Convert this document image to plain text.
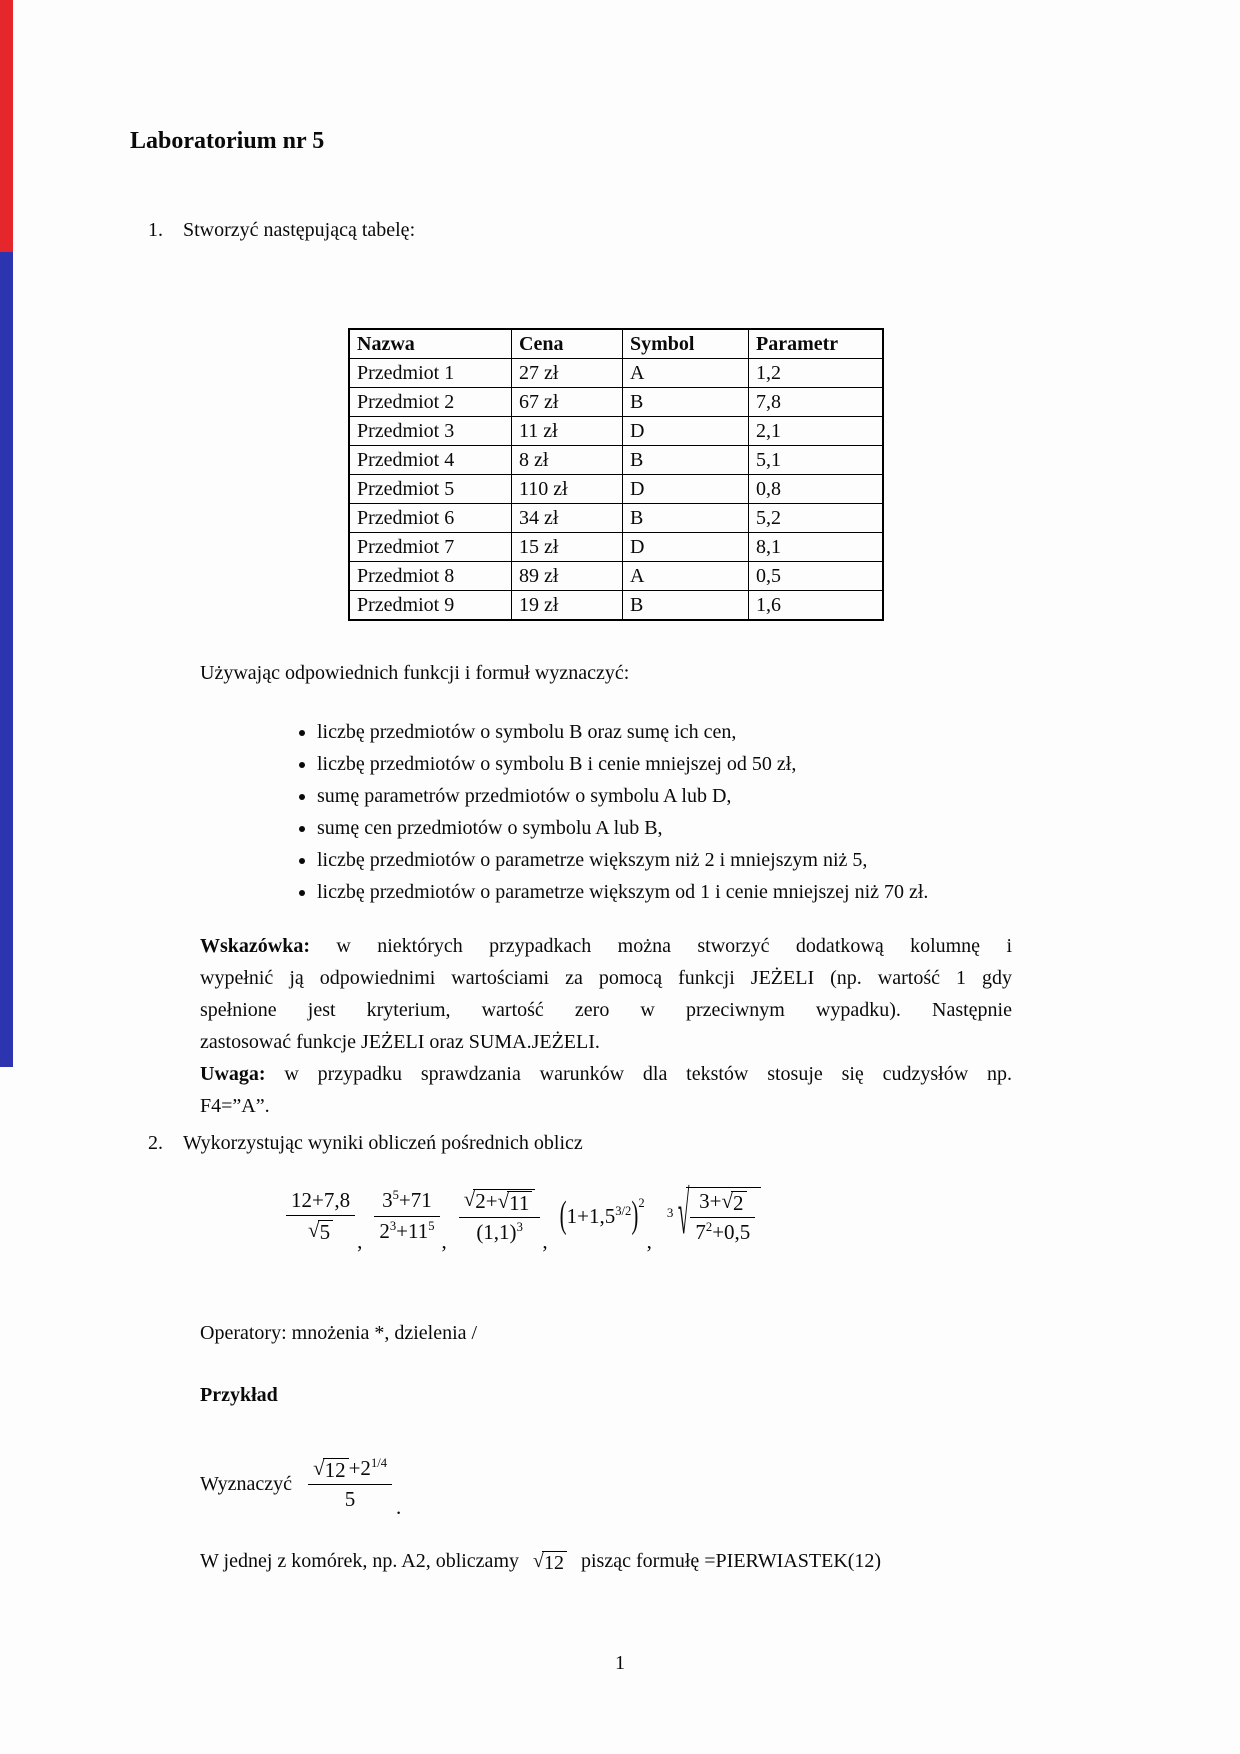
Laboratorium nr 5
1. Stworzyć następującą tabelę:
Nazwa	Cena	Symbol	Parametr
Przedmiot 1	27 zł	A	1,2
Przedmiot 2	67 zł	B	7,8
Przedmiot 3	11 zł	D	2,1
Przedmiot 4	8 zł	B	5,1
Przedmiot 5	110 zł	D	0,8
Przedmiot 6	34 zł	B	5,2
Przedmiot 7	15 zł	D	8,1
Przedmiot 8	89 zł	A	0,5
Przedmiot 9	19 zł	B	1,6
Używając odpowiednich funkcji i formuł wyznaczyć:
• liczbę przedmiotów o symbolu B oraz sumę ich cen,
• liczbę przedmiotów o symbolu B i cenie mniejszej od 50 zł,
• sumę parametrów przedmiotów o symbolu A lub D,
• sumę cen przedmiotów o symbolu A lub B,
• liczbę przedmiotów o parametrze większym niż 2 i mniejszym niż 5,
• liczbę przedmiotów o parametrze większym od 1 i cenie mniejszej niż 70 zł.
Wskazówka: w niektórych przypadkach można stworzyć dodatkową kolumnę i
wypełnić ją odpowiednimi wartościami za pomocą funkcji JEŻELI (np. wartość 1 gdy
spełnione jest kryterium, wartość zero w przeciwnym wypadku). Następnie
zastosować funkcje JEŻELI oraz SUMA.JEŻELI.
Uwaga: w przypadku sprawdzania warunków dla tekstów stosuje się cudzysłów np.
F4=”A”.
2. Wykorzystując wyniki obliczeń pośrednich oblicz
$\frac{12+7,8}{√ 5}$ , $\frac{3^5+71}{2^3+11^5}$ , $\frac{√ 2+ √ 11}{(1,1)^3}$ ,
$(1+1,5^{3/2})^2$
,
3 √ $\frac{3+ √ 2}{7^2+0,5}$
Operatory: mnożenia *, dzielenia /
Przykład
Wyznaczyć $\frac{√ 12 +2^{1/4}}{5}$ .
W jednej z komórek, np. A2, obliczamy √ 12 pisząc formułę =PIERWIASTEK(12)
1
